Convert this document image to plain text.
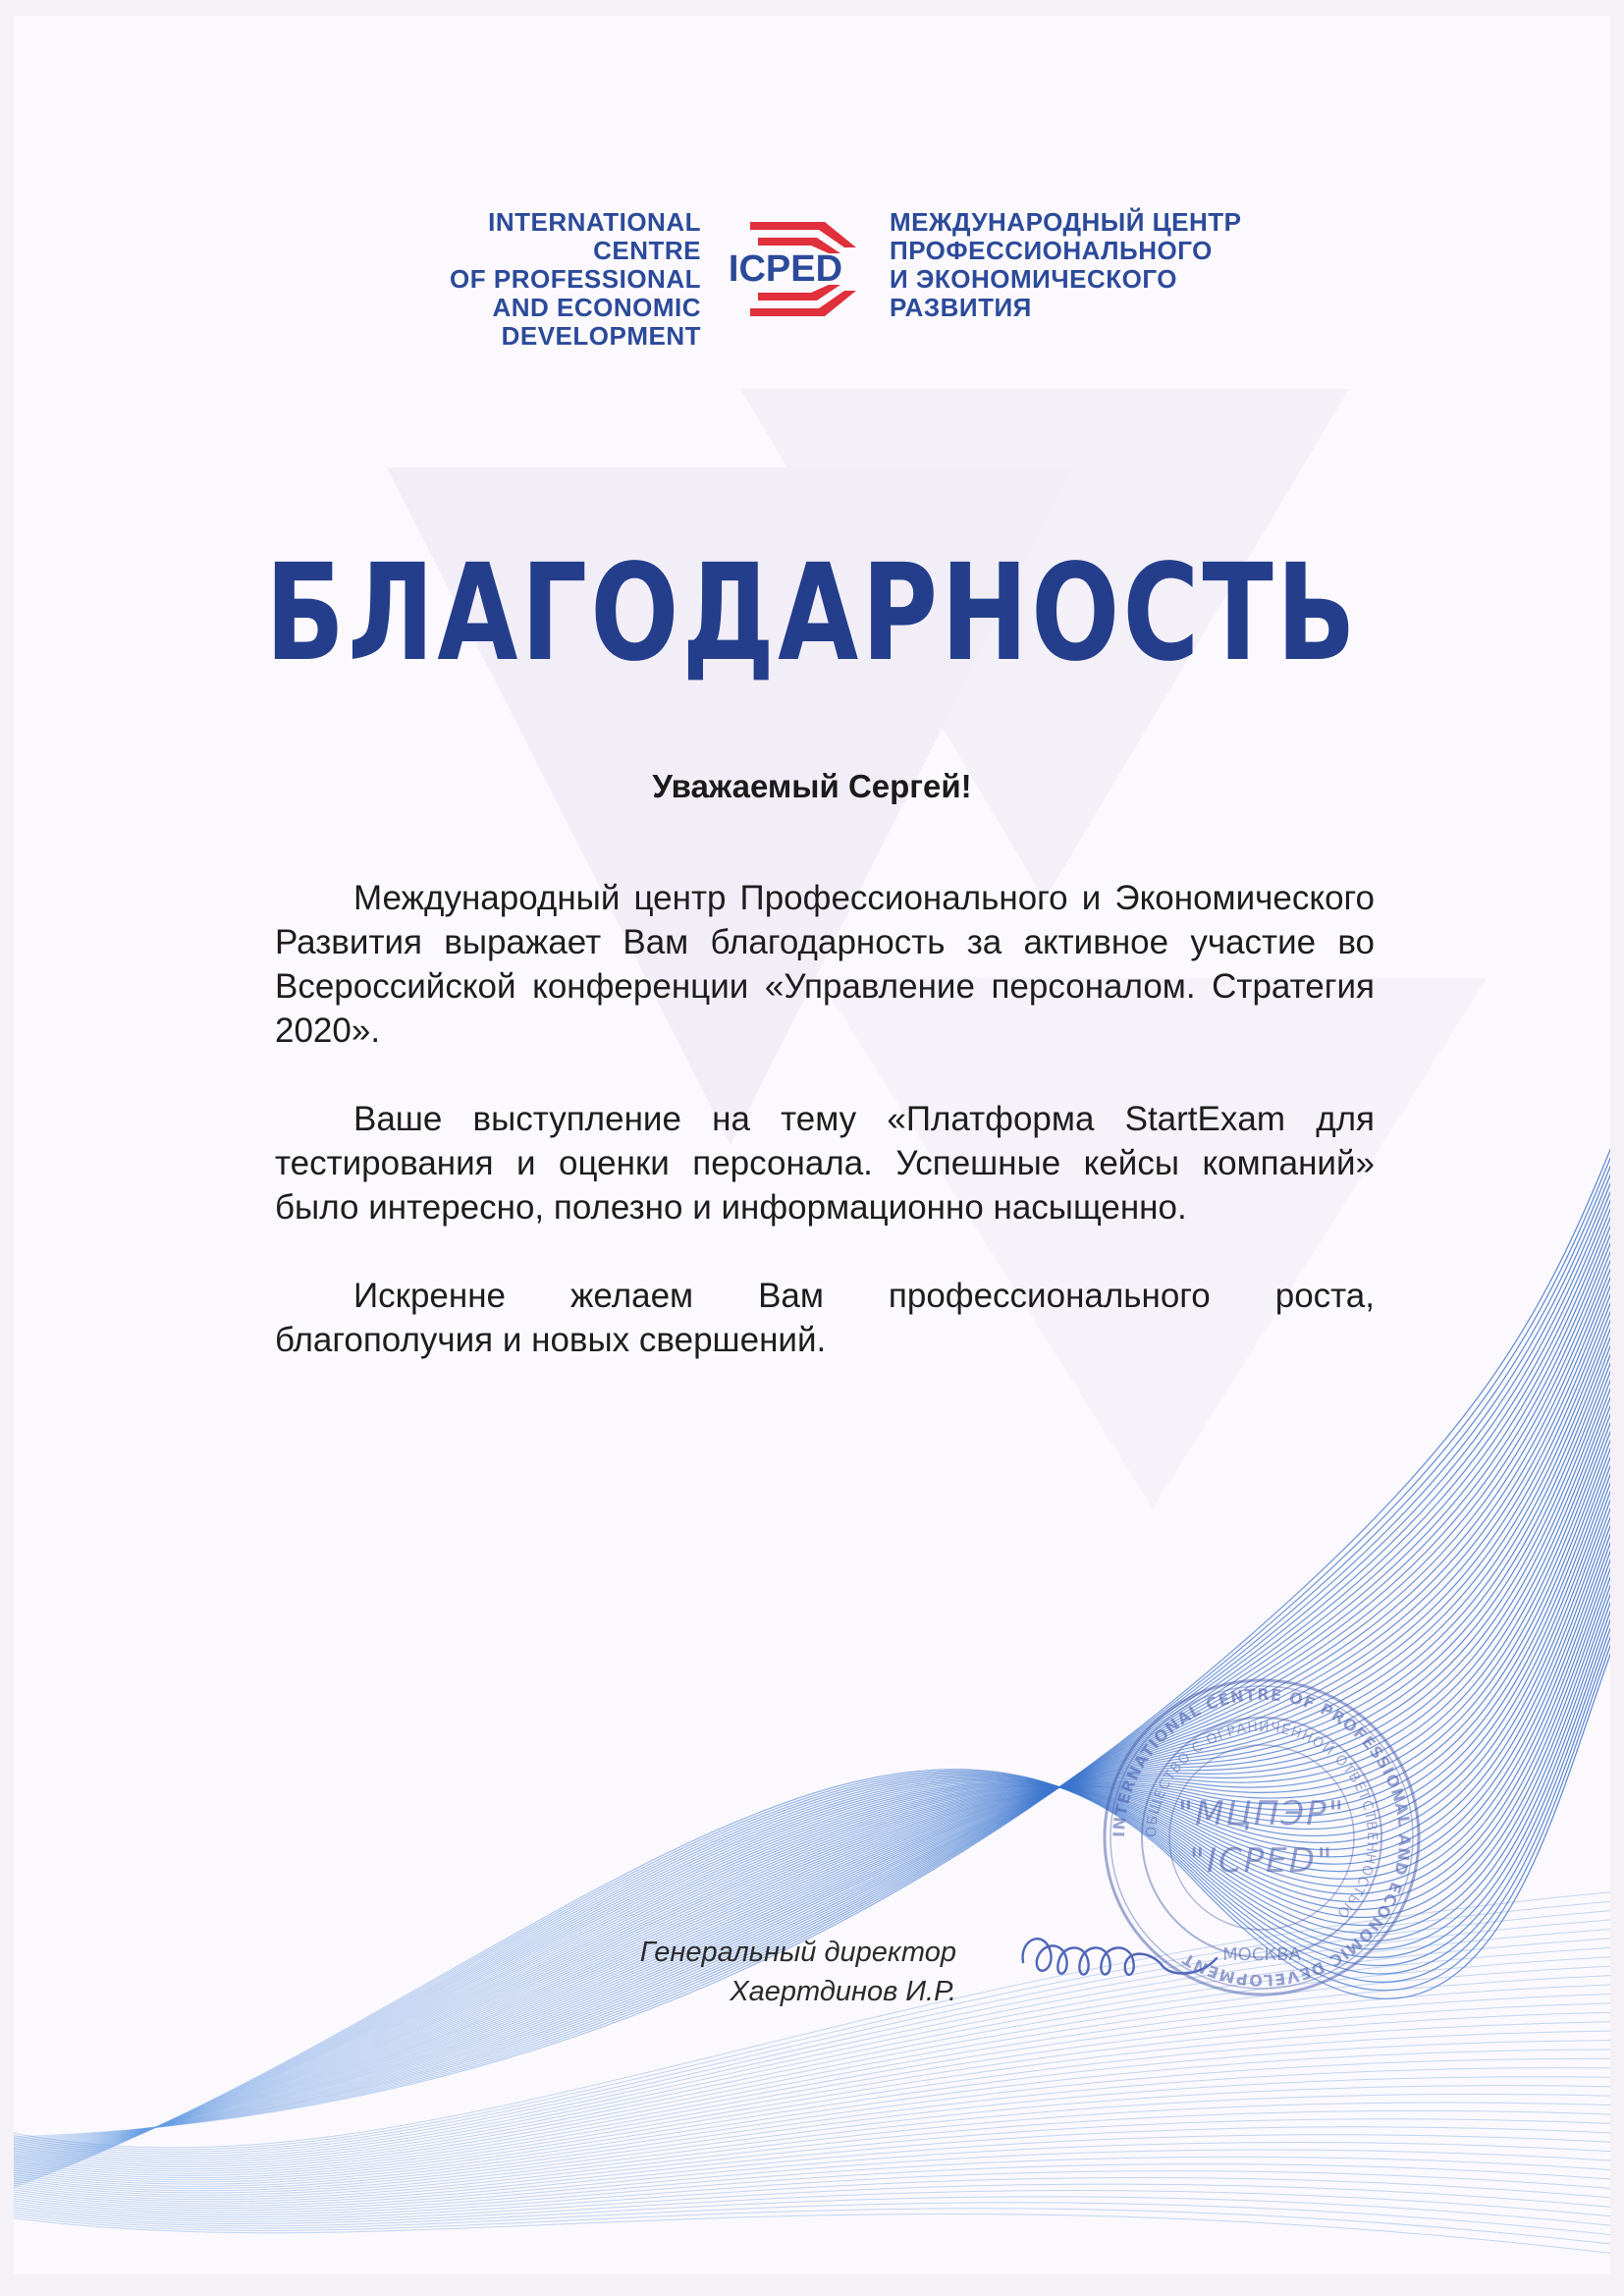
INTERNATIONAL CENTRE
OF PROFESSIONAL
AND ECONOMIC
DEVELOPMENT
ICPED
МЕЖДУНАРОДНЫЙ ЦЕНТР
ПРОФЕССИОНАЛЬНОГО
И ЭКОНОМИЧЕСКОГО
РАЗВИТИЯ
БЛАГОДАРНОСТЬ
Уважаемый Сергей!

Международный центр Профессионального и Экономического Развития выражает Вам благодарность за активное участие во Всероссийской конференции «Управление персоналом. Стратегия 2020».

Ваше выступление на тему «Платформа StartExam для тестирования и оценки персонала. Успешные кейсы компаний» было интересно, полезно и информационно насыщенно.

Искренне желаем Вам профессионального роста, благополучия и новых свершений.

Генеральный директор
Хаертдинов И.Р.
INTERNATIONAL CENTRE OF PROFESSIONAL AND ECONOMIC DEVELOPMENT
ОБЩЕСТВО С ОГРАНИЧЕННОЙ ОТВЕТСТВЕННОСТЬЮ
МОСКВА
"МЦПЭР"
"ICPED"
